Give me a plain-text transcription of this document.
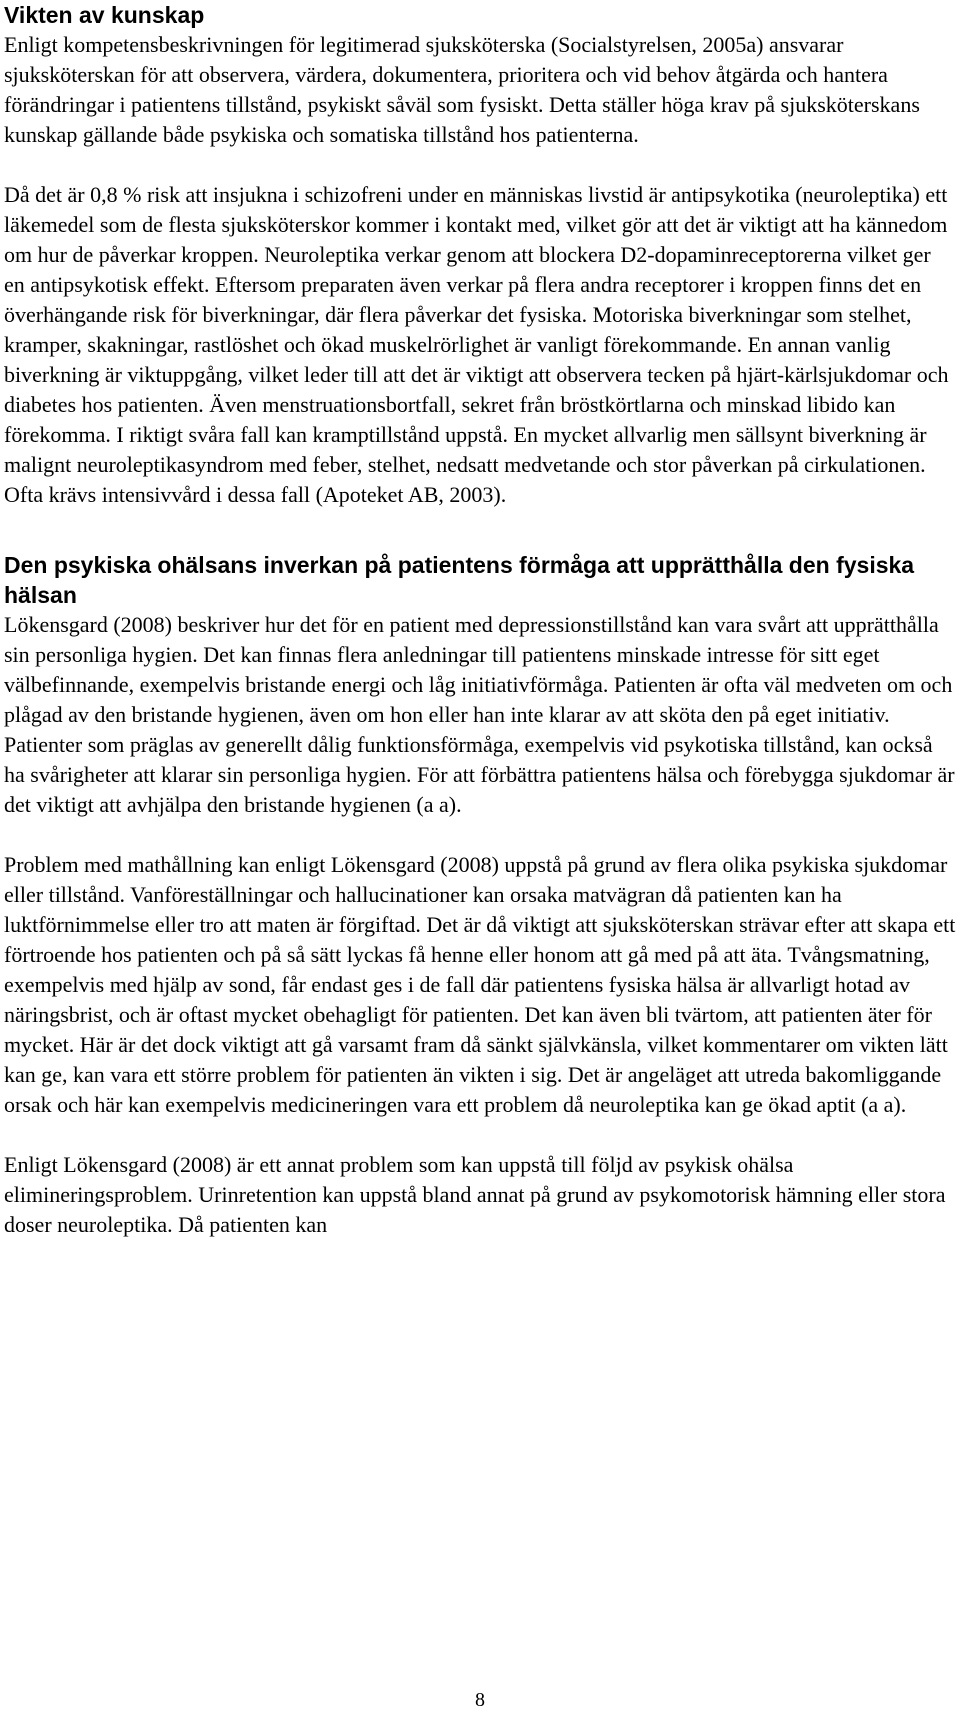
Vikten av kunskap

Enligt kompetensbeskrivningen för legitimerad sjuksköterska (Socialstyrelsen, 2005a) ansvarar sjuksköterskan för att observera, värdera, dokumentera, prioritera och vid behov åtgärda och hantera förändringar i patientens tillstånd, psykiskt såväl som fysiskt. Detta ställer höga krav på sjuksköterskans kunskap gällande både psykiska och somatiska tillstånd hos patienterna.

Då det är 0,8 % risk att insjukna i schizofreni under en människas livstid är antipsykotika (neuroleptika) ett läkemedel som de flesta sjuksköterskor kommer i kontakt med, vilket gör att det är viktigt att ha kännedom om hur de påverkar kroppen. Neuroleptika verkar genom att blockera D2-dopaminreceptorerna vilket ger en antipsykotisk effekt. Eftersom preparaten även verkar på flera andra receptorer i kroppen finns det en överhängande risk för biverkningar, där flera påverkar det fysiska. Motoriska biverkningar som stelhet, kramper, skakningar, rastlöshet och ökad muskelrörlighet är vanligt förekommande. En annan vanlig biverkning är viktuppgång, vilket leder till att det är viktigt att observera tecken på hjärt-kärlsjukdomar och diabetes hos patienten. Även menstruationsbortfall, sekret från bröstkörtlarna och minskad libido kan förekomma. I riktigt svåra fall kan kramptillstånd uppstå. En mycket allvarlig men sällsynt biverkning är malignt neuroleptikasyndrom med feber, stelhet, nedsatt medvetande och stor påverkan på cirkulationen. Ofta krävs intensivvård i dessa fall (Apoteket AB, 2003).

Den psykiska ohälsans inverkan på patientens förmåga att upprätthålla den fysiska hälsan

Lökensgard (2008) beskriver hur det för en patient med depressionstillstånd kan vara svårt att upprätthålla sin personliga hygien. Det kan finnas flera anledningar till patientens minskade intresse för sitt eget välbefinnande, exempelvis bristande energi och låg initiativförmåga. Patienten är ofta väl medveten om och plågad av den bristande hygienen, även om hon eller han inte klarar av att sköta den på eget initiativ. Patienter som präglas av generellt dålig funktionsförmåga, exempelvis vid psykotiska tillstånd, kan också ha svårigheter att klarar sin personliga hygien. För att förbättra patientens hälsa och förebygga sjukdomar är det viktigt att avhjälpa den bristande hygienen (a a).

Problem med mathållning kan enligt Lökensgard (2008) uppstå på grund av flera olika psykiska sjukdomar eller tillstånd. Vanföreställningar och hallucinationer kan orsaka matvägran då patienten kan ha luktförnimmelse eller tro att maten är förgiftad. Det är då viktigt att sjuksköterskan strävar efter att skapa ett förtroende hos patienten och på så sätt lyckas få henne eller honom att gå med på att äta. Tvångsmatning, exempelvis med hjälp av sond, får endast ges i de fall där patientens fysiska hälsa är allvarligt hotad av näringsbrist, och är oftast mycket obehagligt för patienten. Det kan även bli tvärtom, att patienten äter för mycket. Här är det dock viktigt att gå varsamt fram då sänkt självkänsla, vilket kommentarer om vikten lätt kan ge, kan vara ett större problem för patienten än vikten i sig. Det är angeläget att utreda bakomliggande orsak och här kan exempelvis medicineringen vara ett problem då neuroleptika kan ge ökad aptit (a a).

Enligt Lökensgard (2008) är ett annat problem som kan uppstå till följd av psykisk ohälsa elimineringsproblem. Urinretention kan uppstå bland annat på grund av psykomotorisk hämning eller stora doser neuroleptika. Då patienten kan

8
